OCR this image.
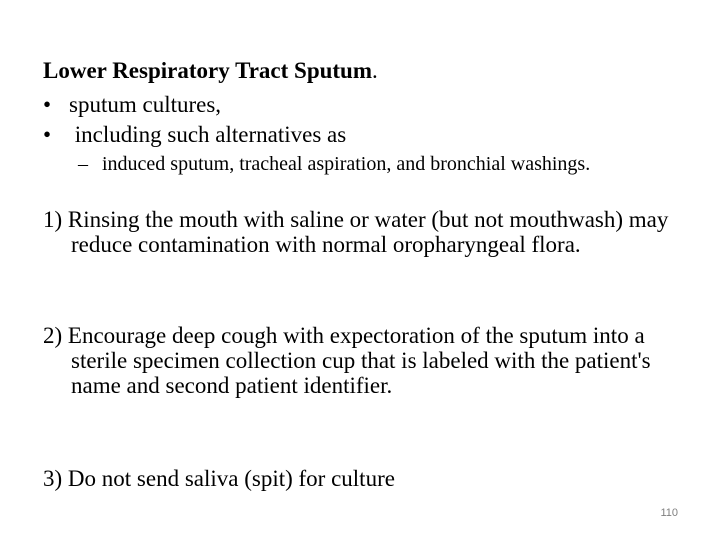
Lower Respiratory Tract Sputum.
• sputum cultures,
• including such alternatives as
– induced sputum, tracheal aspiration, and bronchial washings.
1) Rinsing the mouth with saline or water (but not mouthwash) may reduce contamination with normal oropharyngeal flora.
2) Encourage deep cough with expectoration of the sputum into a sterile specimen collection cup that is labeled with the patient's name and second patient identifier.
3) Do not send saliva (spit) for culture
110
